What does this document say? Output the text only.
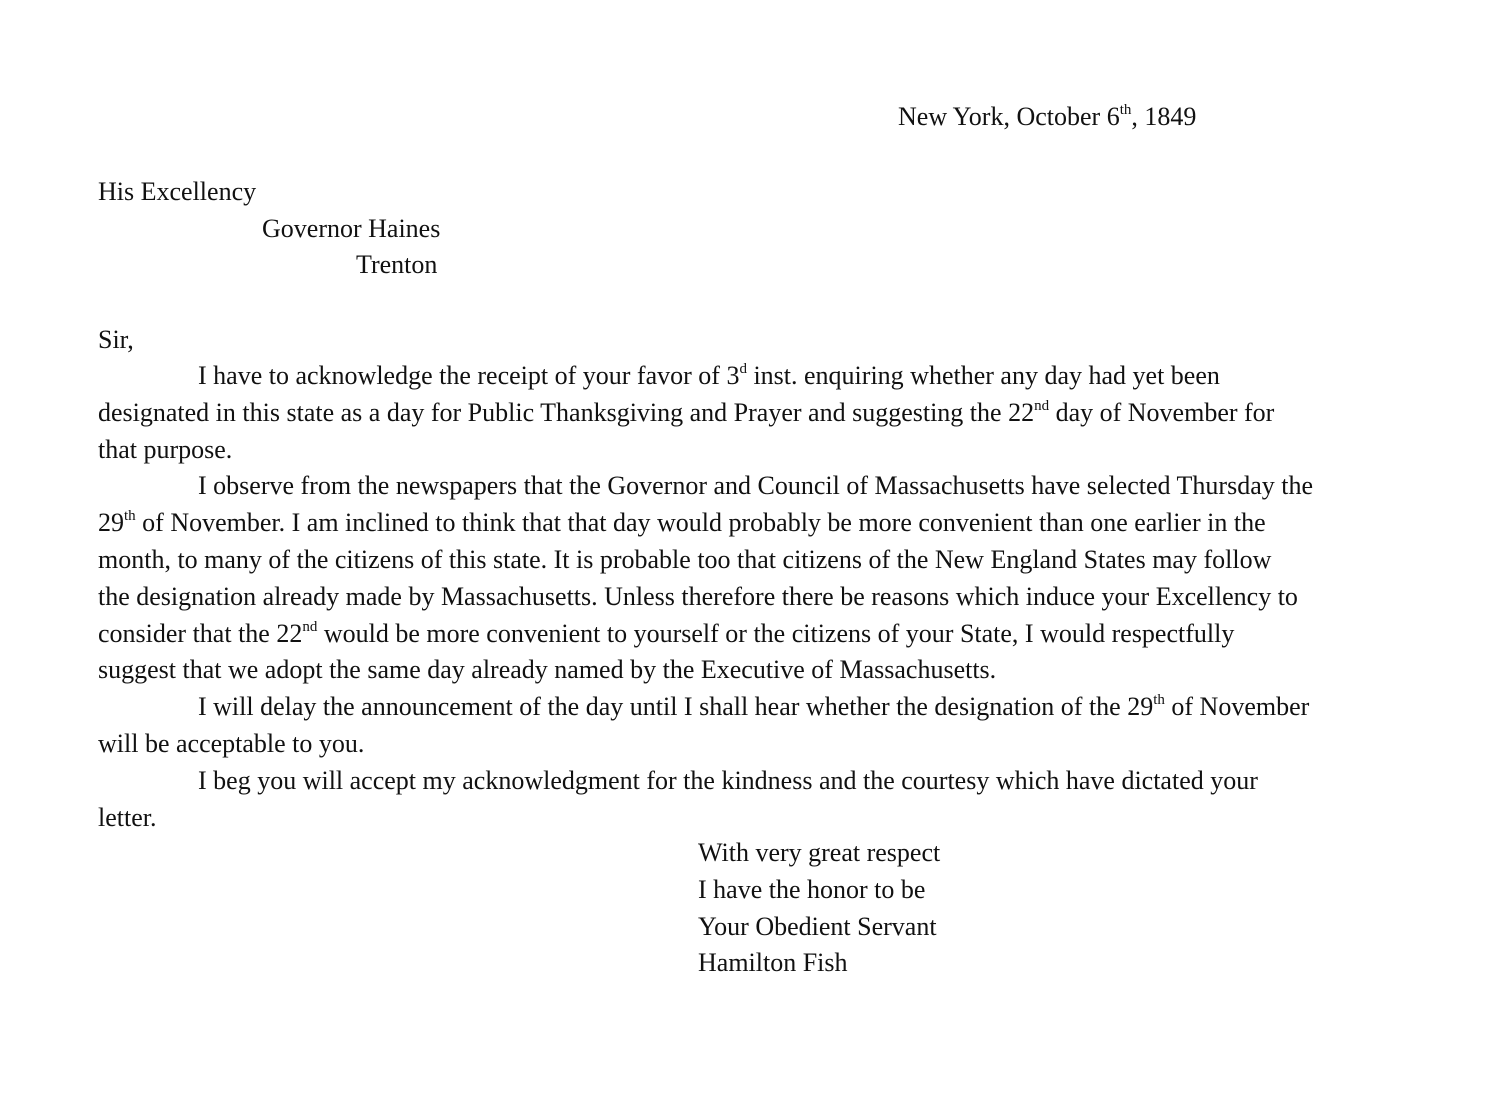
New York, October 6th, 1849
His Excellency
Governor Haines
Trenton
Sir,
I have to acknowledge the receipt of your favor of 3$^d$ inst. enquiring whether any day had yet been
designated in this state as a day for Public Thanksgiving and Prayer and suggesting the 22nd day of November for
that purpose.
I observe from the newspapers that the Governor and Council of Massachusetts have selected Thursday the
29th of November. I am inclined to think that that day would probably be more convenient than one earlier in the
month, to many of the citizens of this state. It is probable too that citizens of the New England States may follow
the designation already made by Massachusetts. Unless therefore there be reasons which induce your Excellency to
consider that the 22nd would be more convenient to yourself or the citizens of your State, I would respectfully
suggest that we adopt the same day already named by the Executive of Massachusetts.
I will delay the announcement of the day until I shall hear whether the designation of the 29th of November
will be acceptable to you.
I beg you will accept my acknowledgment for the kindness and the courtesy which have dictated your
letter.
With very great respect
I have the honor to be
Your Obedient Servant
Hamilton Fish
